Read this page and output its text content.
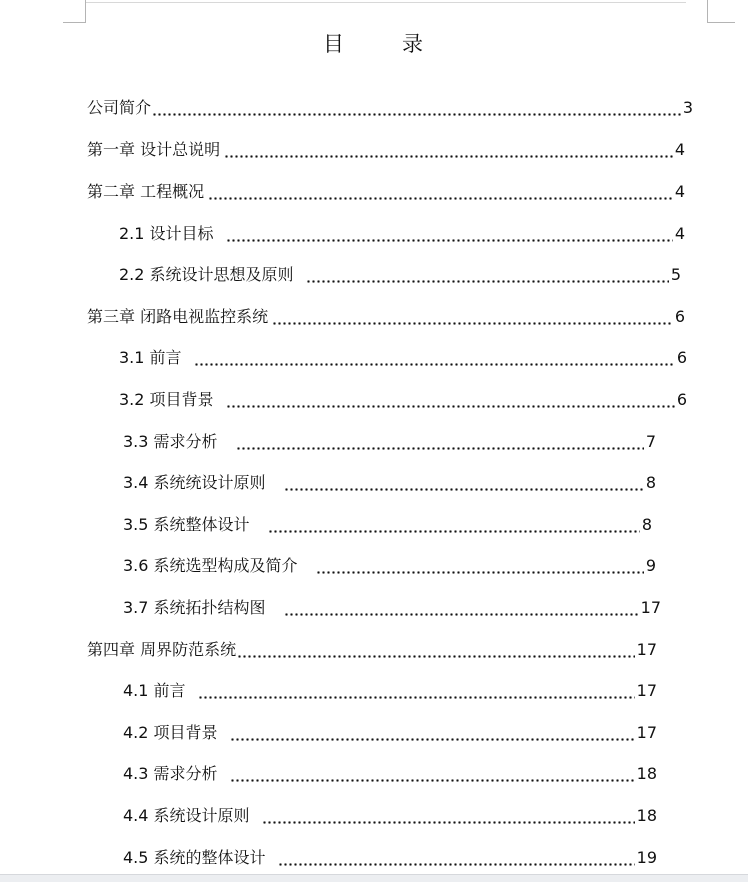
目	录
公司简介	3
第一章 设计总说明	4
第二章 工程概况	4
2.1 设计目标	4
2.2 系统设计思想及原则	5
第三章 闭路电视监控系统	6
3.1 前言	6
3.2 项目背景	6
3.3 需求分析	7
3.4 系统统设计原则	8
3.5 系统整体设计	8
3.6 系统选型构成及简介	9
3.7 系统拓扑结构图	17
第四章 周界防范系统	17
4.1 前言	17
4.2 项目背景	17
4.3 需求分析	18
4.4 系统设计原则	18
4.5 系统的整体设计	19
